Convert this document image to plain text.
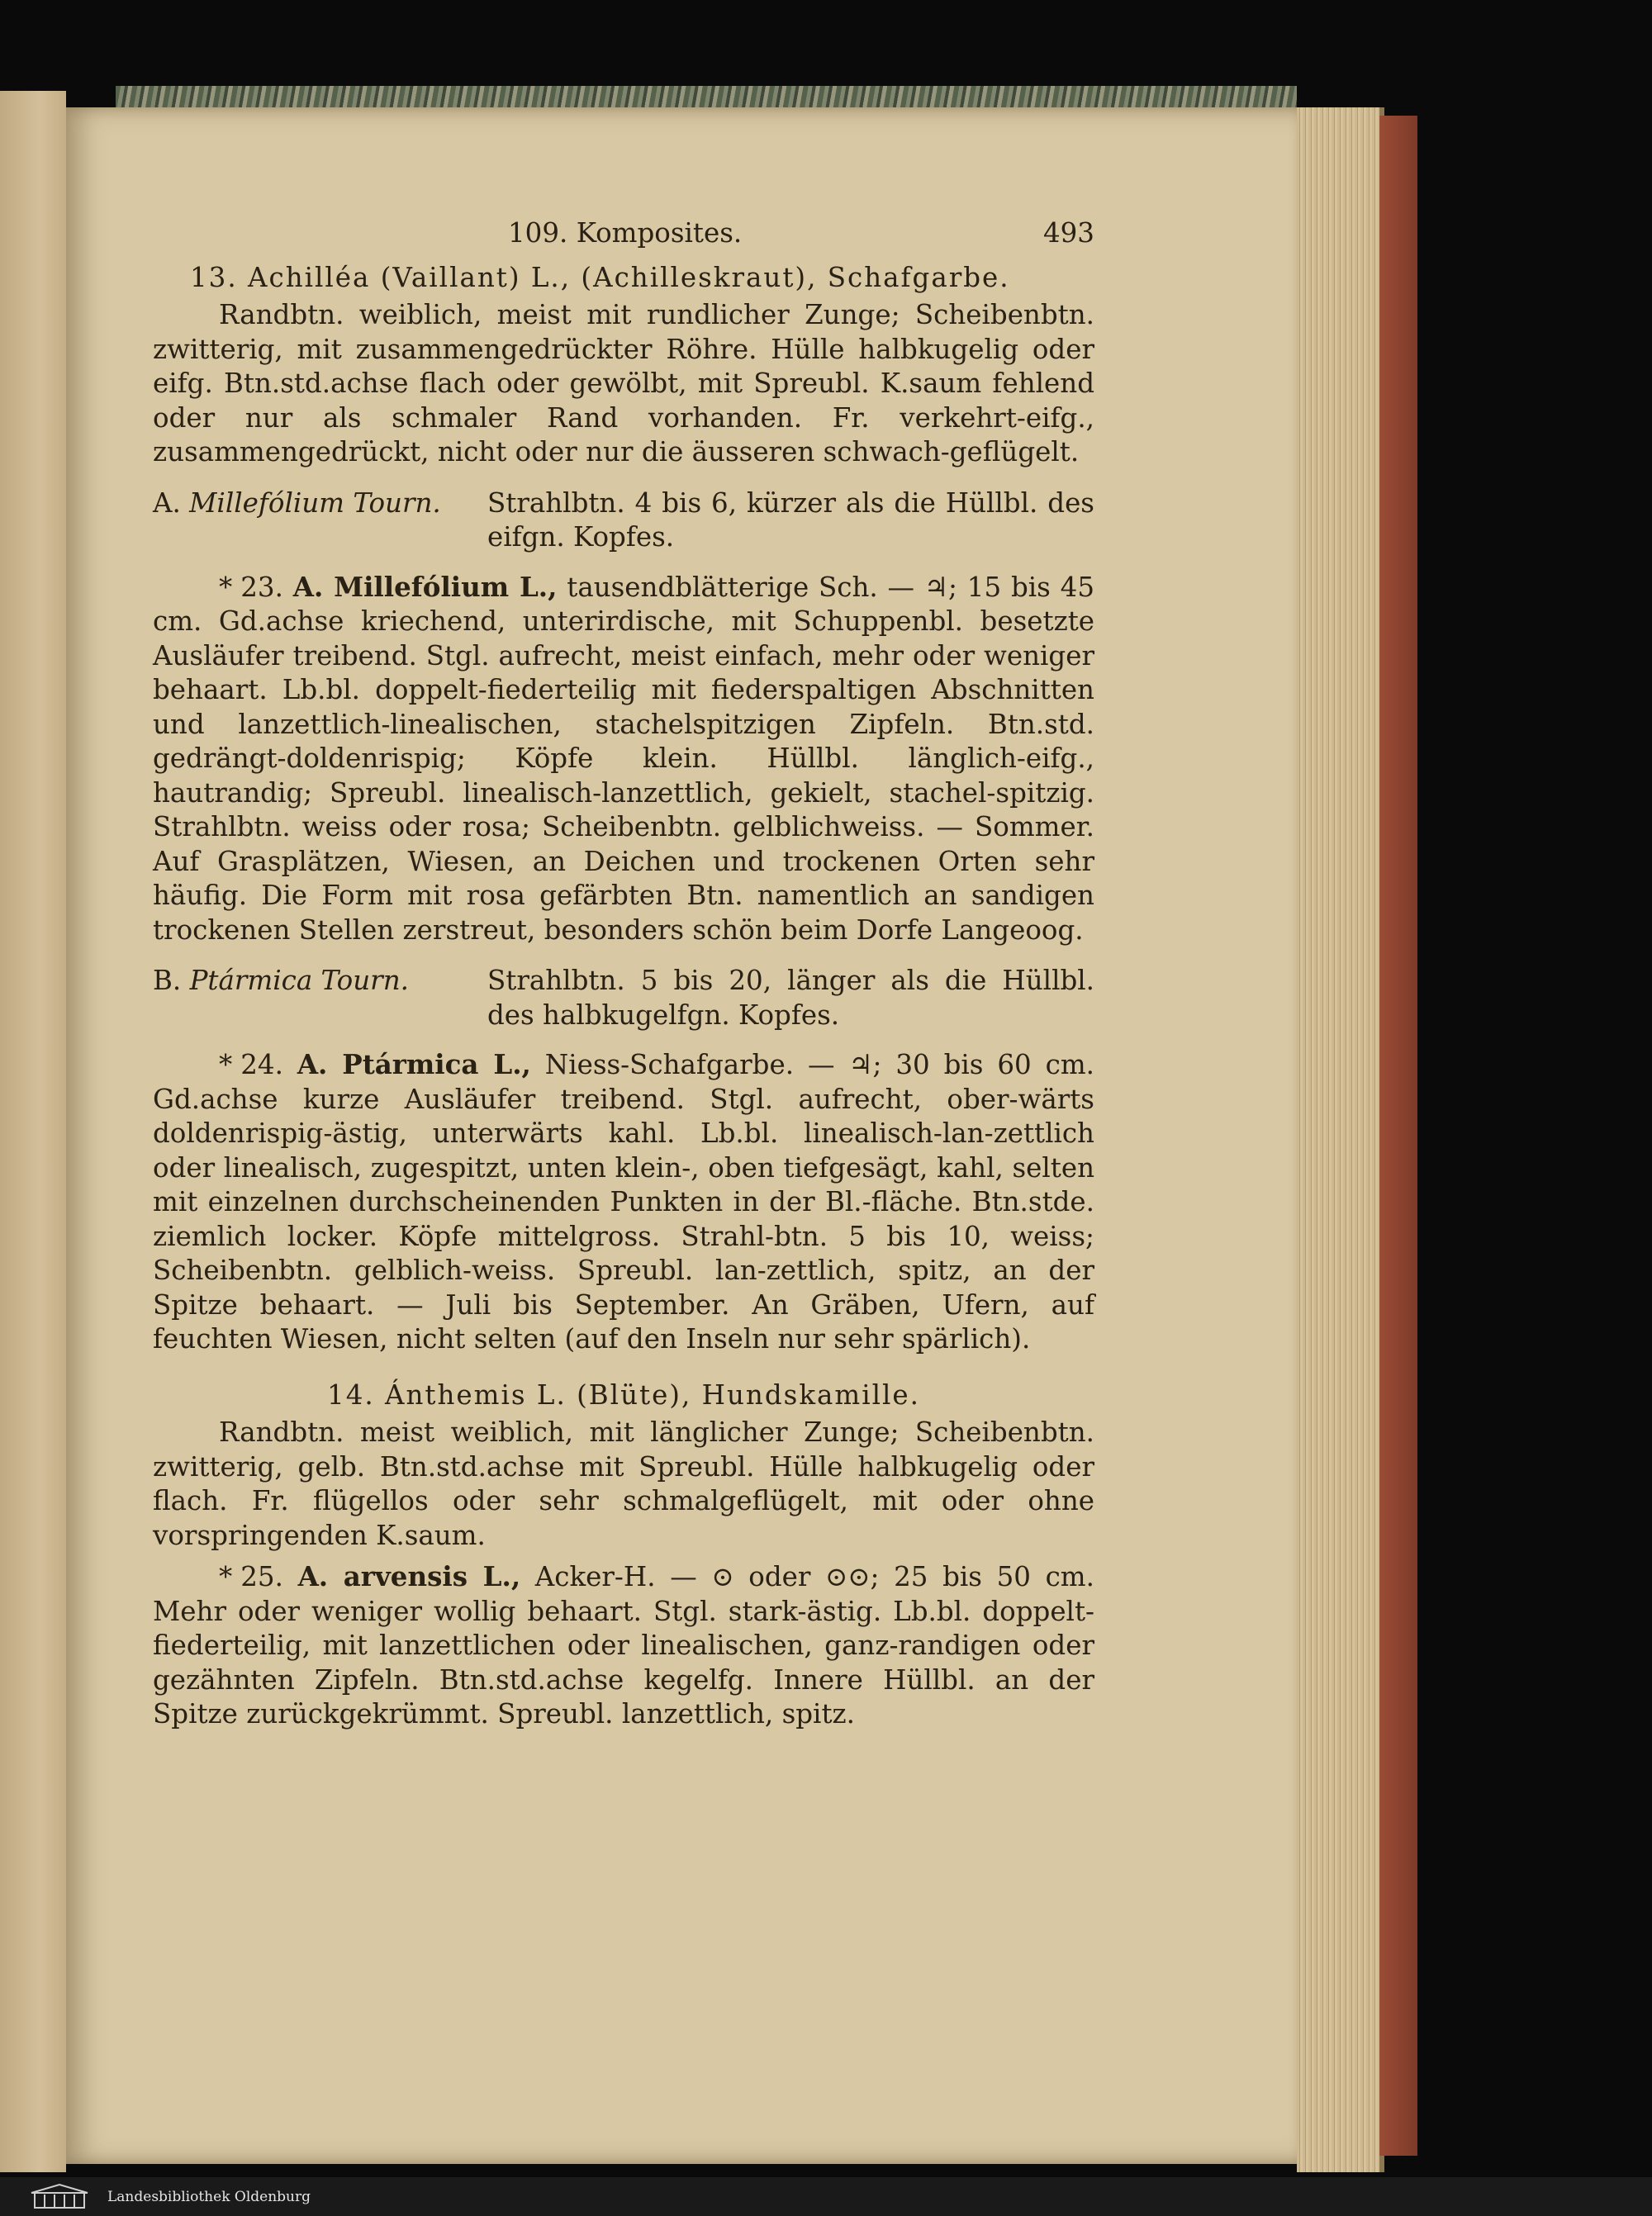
109. Komposites.	493
13. Achilléa (Vaillant) L., (Achilleskraut), Schafgarbe.

Randbtn. weiblich, meist mit rundlicher Zunge; Scheibenbtn. zwitterig, mit zusammengedrückter Röhre. Hülle halbkugelig oder eifg. Btn.std.achse flach oder gewölbt, mit Spreubl. K.saum fehlend oder nur als schmaler Rand vorhanden. Fr. verkehrt-eifg., zusammengedrückt, nicht oder nur die äusseren schwach-geflügelt.

A. Millefólium Tourn.	Strahlbtn. 4 bis 6, kürzer als die Hüllbl. des eifgn. Kopfes.

* 23. A. Millefólium L., tausendblätterige Sch. — ♃; 15 bis 45 cm. Gd.achse kriechend, unterirdische, mit Schuppenbl. besetzte Ausläufer treibend. Stgl. aufrecht, meist einfach, mehr oder weniger behaart. Lb.bl. doppelt-fiederteilig mit fiederspaltigen Abschnitten und lanzettlich-linealischen, stachelspitzigen Zipfeln. Btn.std. gedrängt-doldenrispig; Köpfe klein. Hüllbl. länglich-eifg., hautrandig; Spreubl. linealisch-lanzettlich, gekielt, stachel-spitzig. Strahlbtn. weiss oder rosa; Scheibenbtn. gelblichweiss. — Sommer. Auf Grasplätzen, Wiesen, an Deichen und trockenen Orten sehr häufig. Die Form mit rosa gefärbten Btn. namentlich an sandigen trockenen Stellen zerstreut, besonders schön beim Dorfe Langeoog.

B. Ptármica Tourn.	Strahlbtn. 5 bis 20, länger als die Hüllbl. des halbkugelfgn. Kopfes.

* 24. A. Ptármica L., Niess-Schafgarbe. — ♃; 30 bis 60 cm. Gd.achse kurze Ausläufer treibend. Stgl. aufrecht, ober-wärts doldenrispig-ästig, unterwärts kahl. Lb.bl. linealisch-lan-zettlich oder linealisch, zugespitzt, unten klein-, oben tiefgesägt, kahl, selten mit einzelnen durchscheinenden Punkten in der Bl.-fläche. Btn.stde. ziemlich locker. Köpfe mittelgross. Strahl-btn. 5 bis 10, weiss; Scheibenbtn. gelblich-weiss. Spreubl. lan-zettlich, spitz, an der Spitze behaart. — Juli bis September. An Gräben, Ufern, auf feuchten Wiesen, nicht selten (auf den Inseln nur sehr spärlich).

14. Ánthemis L. (Blüte), Hundskamille.

Randbtn. meist weiblich, mit länglicher Zunge; Scheibenbtn. zwitterig, gelb. Btn.std.achse mit Spreubl. Hülle halbkugelig oder flach. Fr. flügellos oder sehr schmalgeflügelt, mit oder ohne vorspringenden K.saum.

* 25. A. arvensis L., Acker-H. — ⊙ oder ⊙⊙; 25 bis 50 cm. Mehr oder weniger wollig behaart. Stgl. stark-ästig. Lb.bl. doppelt-fiederteilig, mit lanzettlichen oder linealischen, ganz-randigen oder gezähnten Zipfeln. Btn.std.achse kegelfg. Innere Hüllbl. an der Spitze zurückgekrümmt. Spreubl. lanzettlich, spitz.

Landesbibliothek Oldenburg
